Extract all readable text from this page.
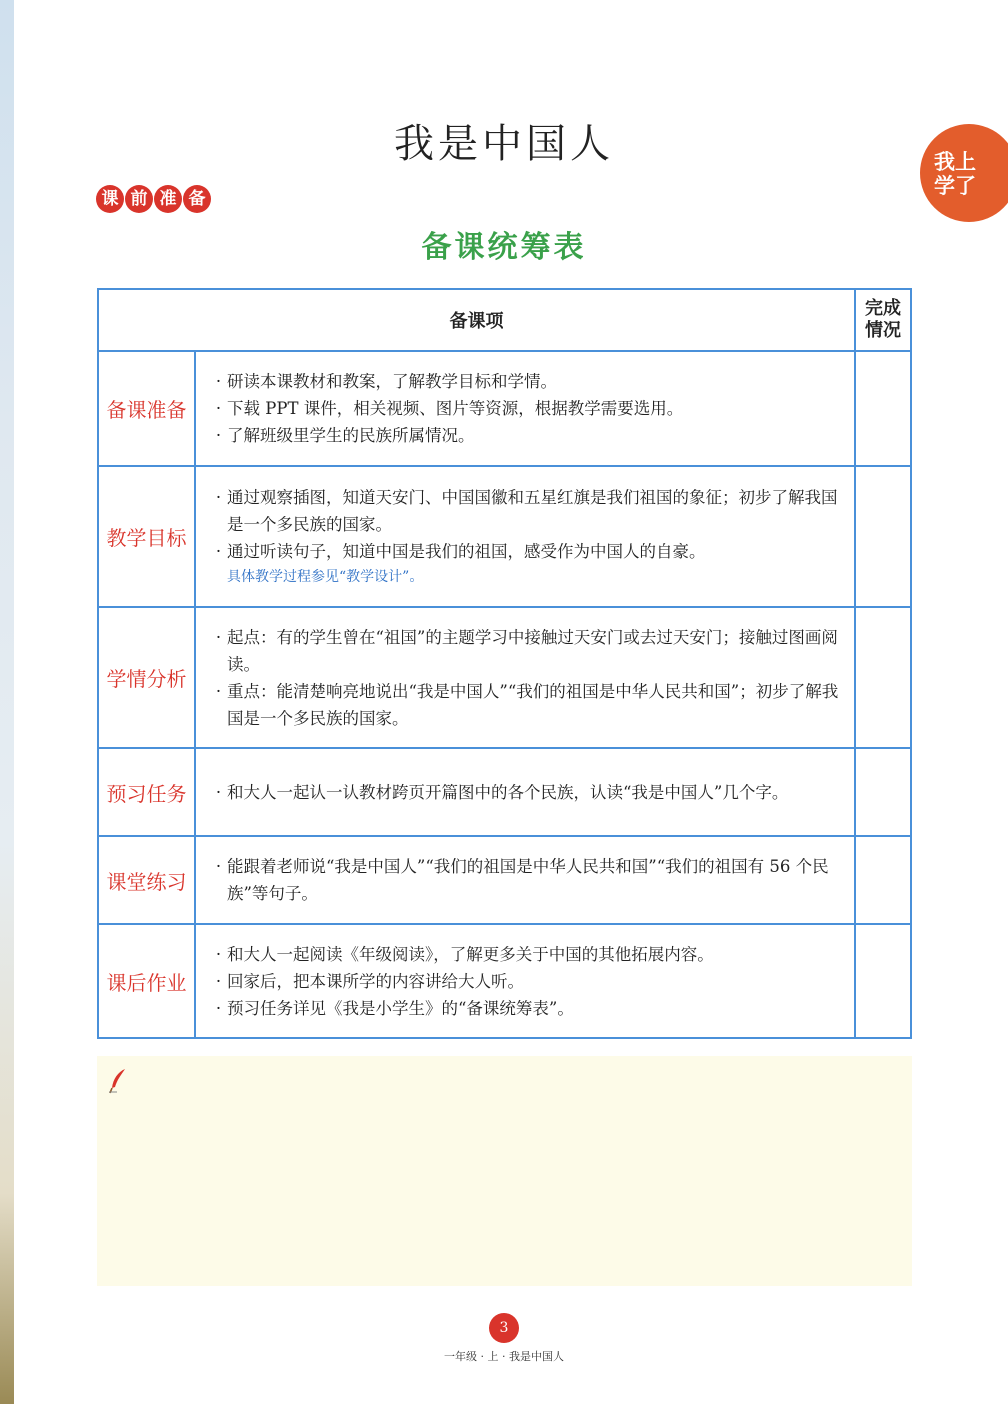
我是中国人	我上学了
课 前 准 备
备课统筹表
备课项		完成情况
备课准备	· 研读本课教材和教案，了解教学目标和学情。
· 下载 PPT 课件，相关视频、图片等资源，根据教学需要选用。
· 了解班级里学生的民族所属情况。

教学目标	· 通过观察插图，知道天安门、中国国徽和五星红旗是我们祖国的象征；初步了解我国是一个多民族的国家。
· 通过听读句子，知道中国是我们的祖国，感受作为中国人的自豪。
具体教学过程参见“教学设计”。

学情分析	· 起点：有的学生曾在“祖国”的主题学习中接触过天安门或去过天安门；接触过图画阅读。
· 重点：能清楚响亮地说出“我是中国人”“我们的祖国是中华人民共和国”；初步了解我国是一个多民族的国家。

预习任务	· 和大人一起认一认教材跨页开篇图中的各个民族，认读“我是中国人”几个字。

课堂练习	· 能跟着老师说“我是中国人”“我们的祖国是中华人民共和国”“我们的祖国有 56 个民族”等句子。

课后作业	· 和大人一起阅读《年级阅读》，了解更多关于中国的其他拓展内容。
· 回家后，把本课所学的内容讲给大人听。
· 预习任务详见《我是小学生》的“备课统筹表”。

3
一年级 · 上 · 我是中国人
